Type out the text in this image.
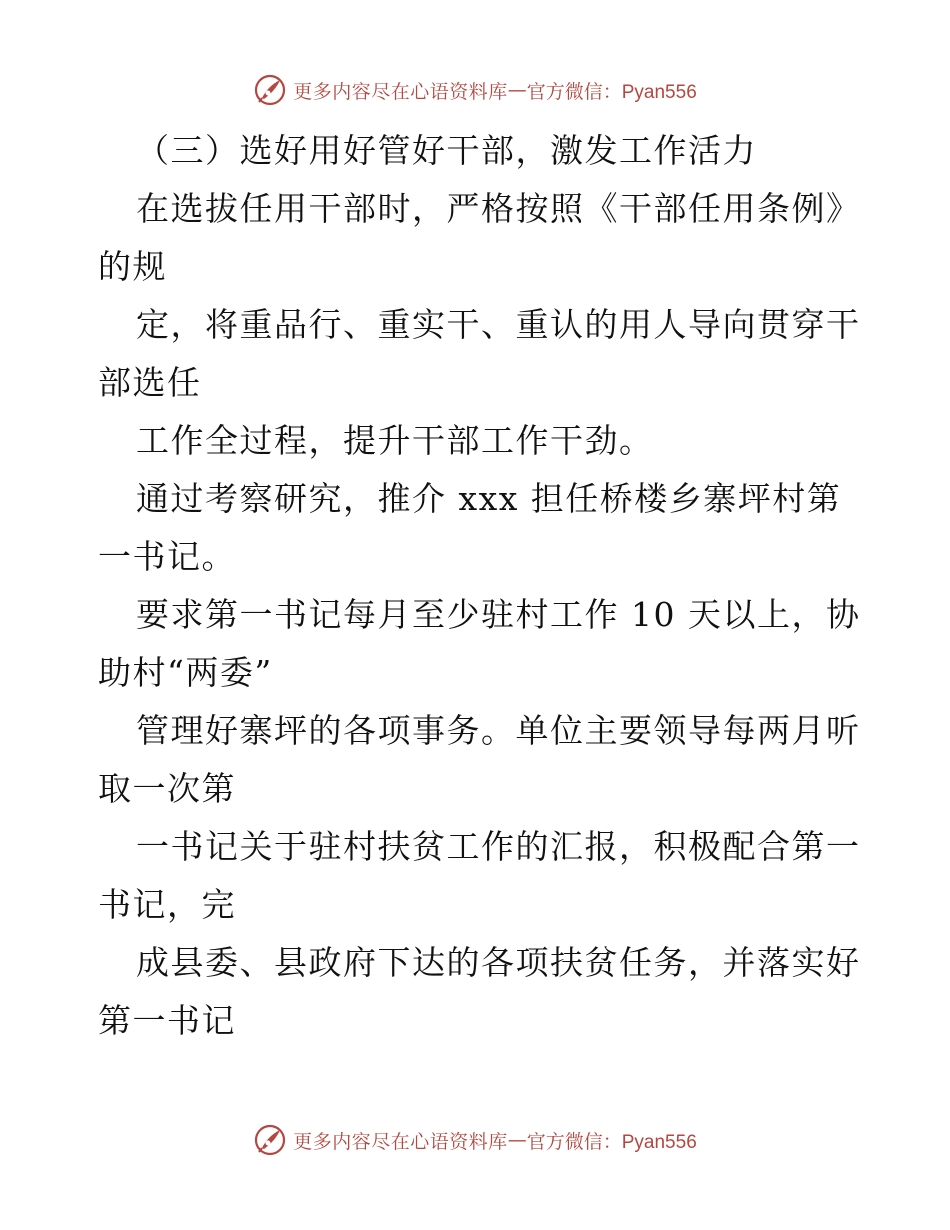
更多内容尽在心语资料库 — 官方微信：Pyan556
（三）选好用好管好干部，激发工作活力
在选拔任用干部时，严格按照《干部任用条例》
的规
定，将重品行、重实干、重认的用人导向贯穿干
部选任
工作全过程，提升干部工作干劲。
通过考察研究，推介 xxx 担任桥楼乡寨坪村第
一书记。
要求第一书记每月至少驻村工作 10 天以上，协
助村“两委”
管理好寨坪的各项事务。单位主要领导每两月听
取一次第
一书记关于驻村扶贫工作的汇报，积极配合第一
书记，完
成县委、县政府下达的各项扶贫任务，并落实好
第一书记
更多内容尽在心语资料库 — 官方微信：Pyan556
